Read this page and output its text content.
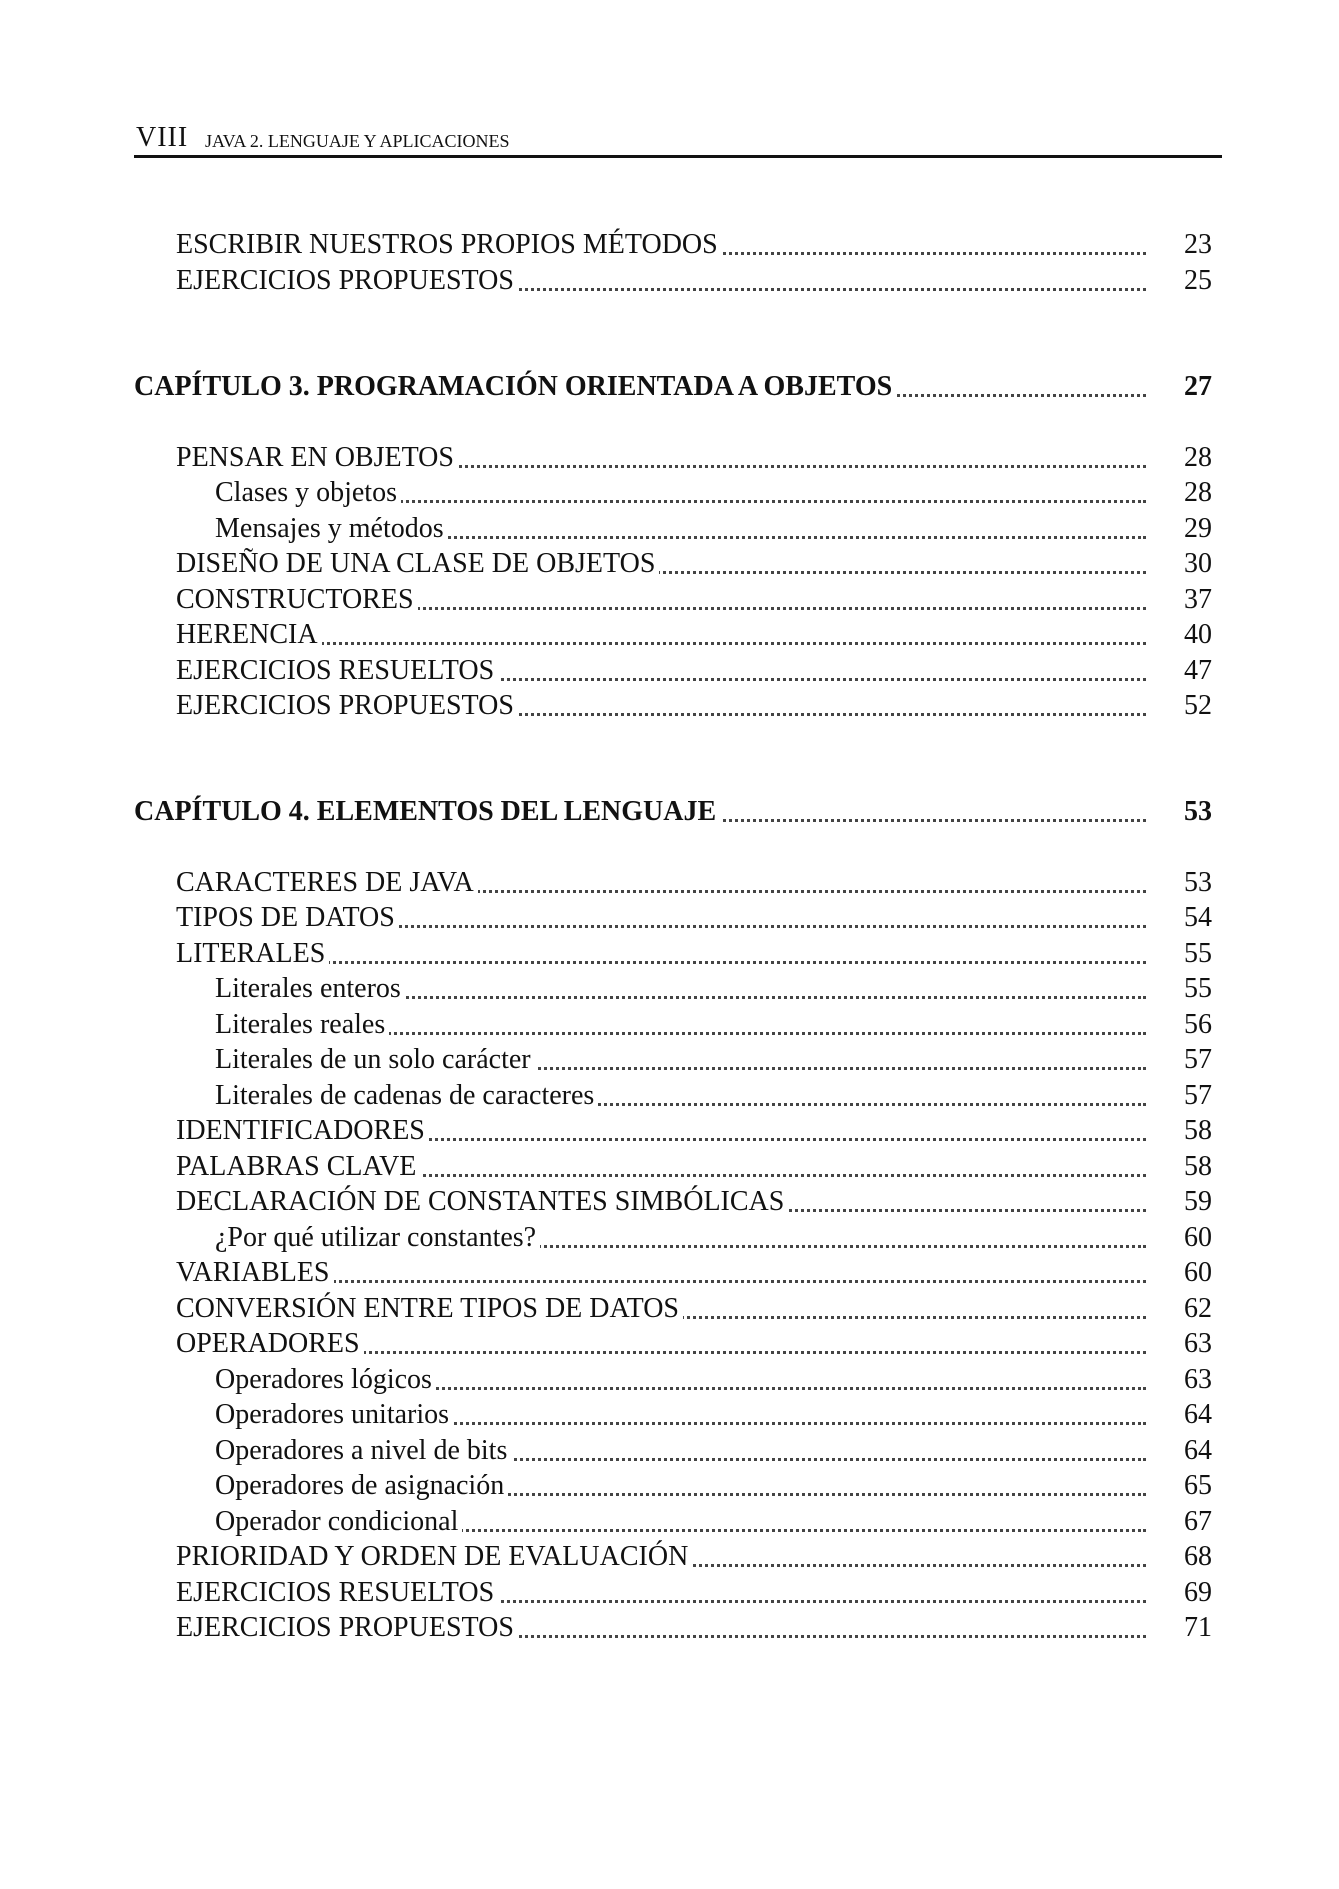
VIII JAVA 2. LENGUAJE Y APLICACIONES
ESCRIBIR NUESTROS PROPIOS MÉTODOS	23
EJERCICIOS PROPUESTOS	25
CAPÍTULO 3. PROGRAMACIÓN ORIENTADA A OBJETOS	27
PENSAR EN OBJETOS	28
Clases y objetos	28
Mensajes y métodos	29
DISEÑO DE UNA CLASE DE OBJETOS	30
CONSTRUCTORES	37
HERENCIA	40
EJERCICIOS RESUELTOS	47
EJERCICIOS PROPUESTOS	52
CAPÍTULO 4. ELEMENTOS DEL LENGUAJE	53
CARACTERES DE JAVA	53
TIPOS DE DATOS	54
LITERALES	55
Literales enteros	55
Literales reales	56
Literales de un solo carácter	57
Literales de cadenas de caracteres	57
IDENTIFICADORES	58
PALABRAS CLAVE	58
DECLARACIÓN DE CONSTANTES SIMBÓLICAS	59
¿Por qué utilizar constantes?	60
VARIABLES	60
CONVERSIÓN ENTRE TIPOS DE DATOS	62
OPERADORES	63
Operadores lógicos	63
Operadores unitarios	64
Operadores a nivel de bits	64
Operadores de asignación	65
Operador condicional	67
PRIORIDAD Y ORDEN DE EVALUACIÓN	68
EJERCICIOS RESUELTOS	69
EJERCICIOS PROPUESTOS	71
